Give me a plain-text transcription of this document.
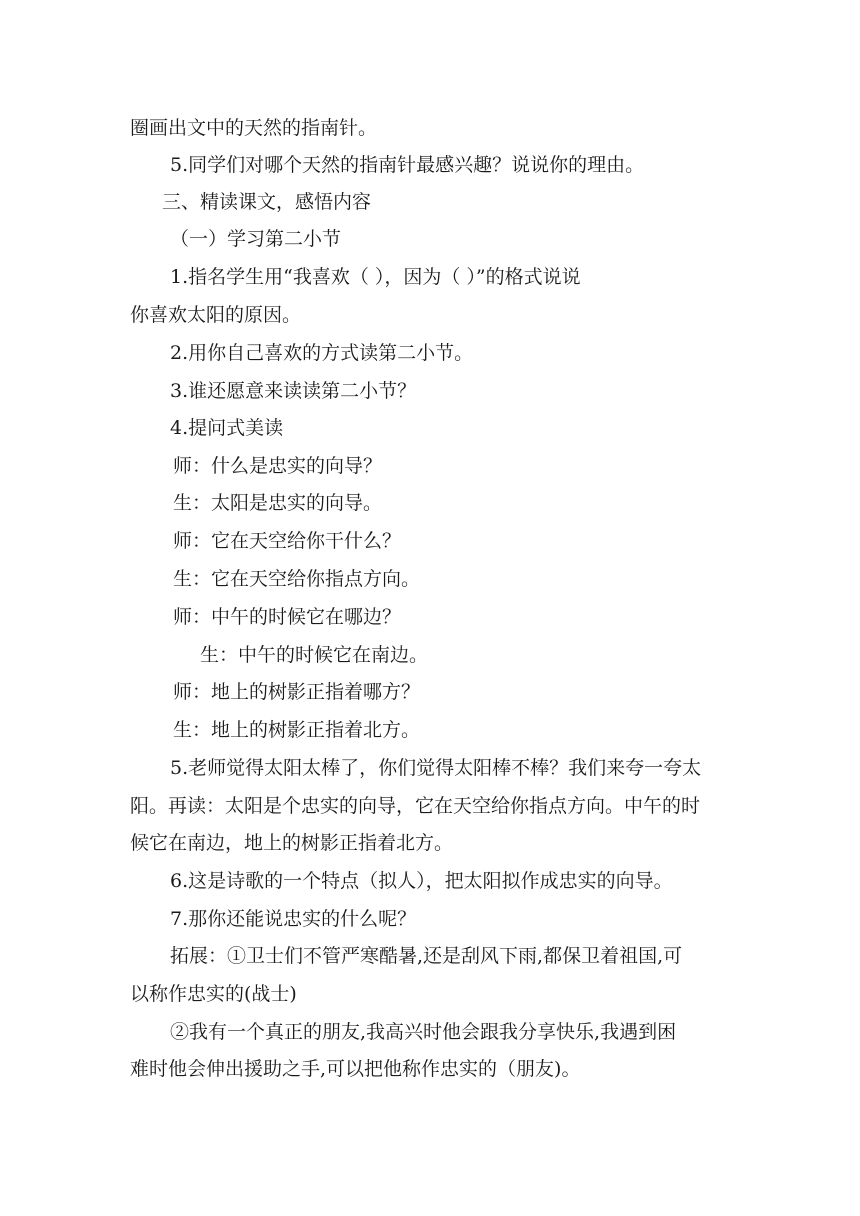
圈画出文中的天然的指南针。
5.同学们对哪个天然的指南针最感兴趣？说说你的理由。
三、精读课文，感悟内容
（一）学习第二小节
1.指名学生用“我喜欢（ ），因为（ ）”的格式说说
你喜欢太阳的原因。
2.用你自己喜欢的方式读第二小节。
3.谁还愿意来读读第二小节？
4.提问式美读
师：什么是忠实的向导？
生：太阳是忠实的向导。
师：它在天空给你干什么？
生：它在天空给你指点方向。
师：中午的时候它在哪边？
生：中午的时候它在南边。
师：地上的树影正指着哪方？
生：地上的树影正指着北方。
5.老师觉得太阳太棒了，你们觉得太阳棒不棒？我们来夸一夸太
阳。再读：太阳是个忠实的向导，它在天空给你指点方向。中午的时
候它在南边，地上的树影正指着北方。
6.这是诗歌的一个特点（拟人），把太阳拟作成忠实的向导。
7.那你还能说忠实的什么呢？
拓展：①卫士们不管严寒酷暑,还是刮风下雨,都保卫着祖国,可
以称作忠实的(战士)
②我有一个真正的朋友,我高兴时他会跟我分享快乐,我遇到困
难时他会伸出援助之手,可以把他称作忠实的（朋友)。
